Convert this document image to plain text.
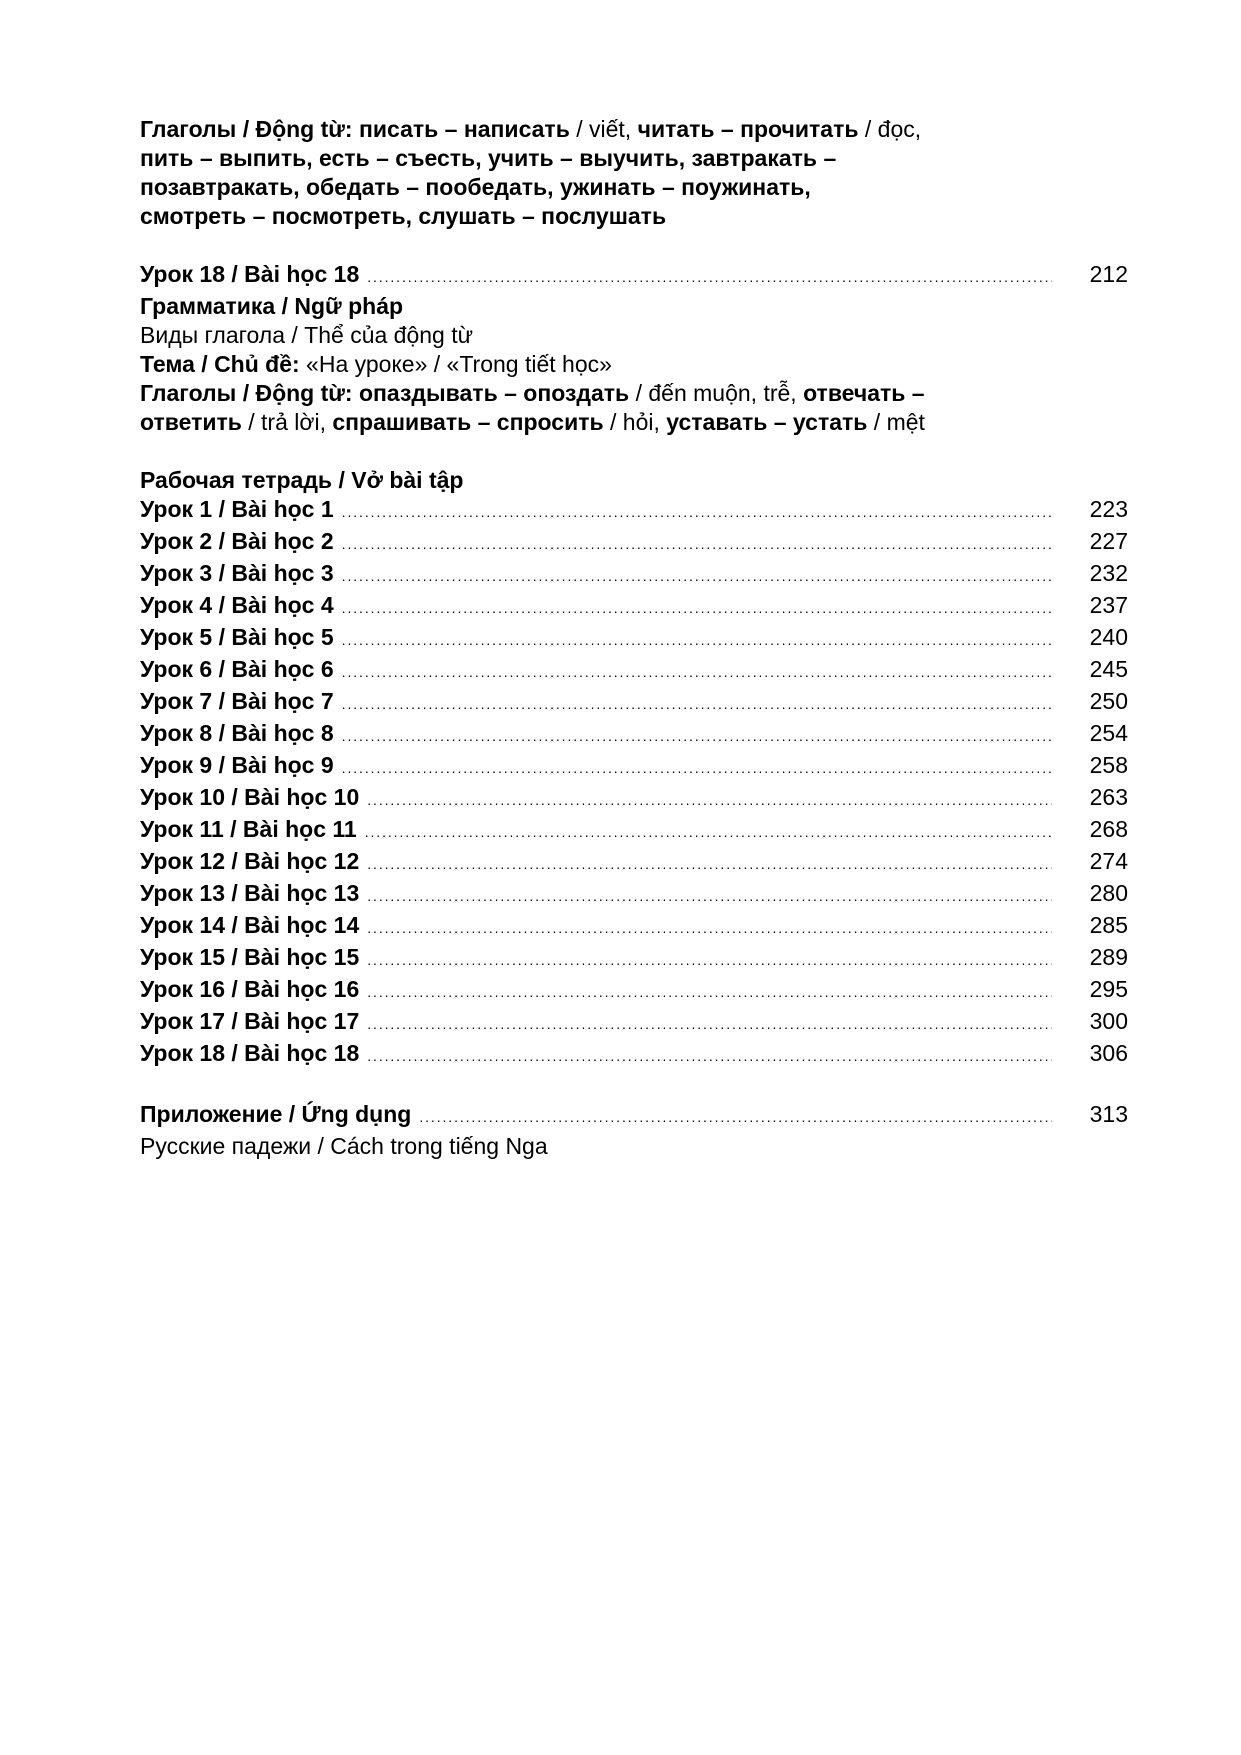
Глаголы / Động từ: писать – написать / viết, читать – прочитать / đọc,
пить – выпить, есть – съесть, учить – выучить, завтракать –
позавтракать, обедать – пообедать, ужинать – поужинать,
смотреть – посмотреть, слушать – послушать
Урок 18 / Bài học 18 .....	212
Грамматика / Ngữ pháp
Виды глагола / Thể của động từ
Тема / Chủ đề: «На уроке» / «Trong tiết học»
Глаголы / Động từ: опаздывать – опоздать / đến muộn, trễ, отвечать –
ответить / trả lời, спрашивать – спросить / hỏi, уставать – устать / mệt
Рабочая тетрадь / Vở bài tập
Урок 1 / Bài học 1 .....	223
Урок 2 / Bài học 2 .....	227
Урок 3 / Bài học 3 .....	232
Урок 4 / Bài học 4 .....	237
Урок 5 / Bài học 5 .....	240
Урок 6 / Bài học 6 .....	245
Урок 7 / Bài học 7 .....	250
Урок 8 / Bài học 8 .....	254
Урок 9 / Bài học 9 .....	258
Урок 10 / Bài học 10 .....	263
Урок 11 / Bài học 11 .....	268
Урок 12 / Bài học 12 .....	274
Урок 13 / Bài học 13 .....	280
Урок 14 / Bài học 14 .....	285
Урок 15 / Bài học 15 .....	289
Урок 16 / Bài học 16 .....	295
Урок 17 / Bài học 17 .....	300
Урок 18 / Bài học 18 .....	306
Приложение / Ứng dụng .....	313
Русские падежи / Cách trong tiếng Nga
